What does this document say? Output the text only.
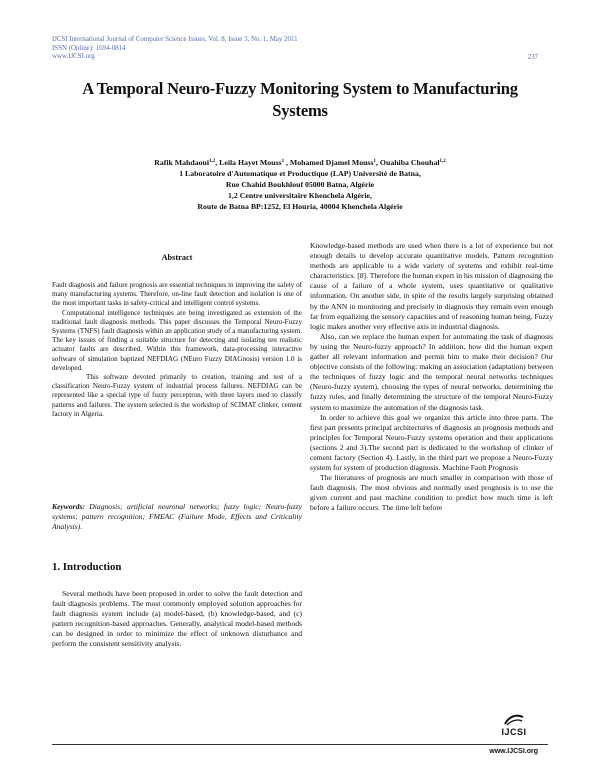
IJCSI International Journal of Computer Science Issues, Vol. 8, Issue 3, No. 1, May 2011
ISSN (Online): 1694-0814
www.IJCSI.org	237
A Temporal Neuro-Fuzzy Monitoring System to Manufacturing
Systems
Rafik Mahdaoui$^{1,2}$, Leila Hayet Mouss$^1$ , Mohamed Djamel Mouss$^1$, Ouahiba Chouhal$^{1,2}$
1 Laboratoire d'Automatique et Productique (LAP) Université de Batna,
Rue Chahid Boukhlouf 05000 Batna, Algérie
1,2 Centre universitaire Khenchela Algérie,
Route de Batna BP:1252, El Houria, 40004 Khenchela Algérie
Abstract

Fault diagnosis and failure prognosis are essential techniques in improving the safety of many manufacturing systems. Therefore, on-line fault detection and isolation is one of the most important tasks in safety-critical and intelligent control systems.

Computational intelligence techniques are being investigated as extension of the traditional fault diagnosis methods. This paper discusses the Temporal Neuro-Fuzzy Systems (TNFS) fault diagnosis within an application study of a manufacturing system. The key issues of finding a suitable structure for detecting and isolating ten realistic actuator faults are described. Within this framework, data-processing interactive software of simulation baptized NEFDIAG (NEuro Fuzzy DIAGnosis) version 1.0 is developed.

This software devoted primarily to creation, training and test of a classification Neuro-Fuzzy system of industrial process failures. NEFDIAG can be represented like a special type of fuzzy perceptron, with three layers used to classify patterns and failures. The system selected is the workshop of SCIMAT clinker, cement factory in Algeria.

Keywords: Diagnosis; artificial neuronal networks; fuzzy logic; Neuro-fuzzy systems; pattern recognition; FMEAC (Failure Mode, Effects and Criticality Analysis).
1. Introduction

Several methods have been proposed in order to solve the fault detection and fault diagnosis problems. The most commonly employed solution approaches for fault diagnosis system include (a) model-based, (b) knowledge-based, and (c) pattern recognition-based approaches. Generally, analytical model-based methods can be designed in order to minimize the effect of unknown disturbance and perform the consistent sensitivity analysis.

Knowledge-based methods are used when there is a lot of experience but not enough details to develop accurate quantitative models. Pattern recognition methods are applicable to a wide variety of systems and exhibit real-time characteristics. [8]. Therefore the human expert in his mission of diagnosing the cause of a failure of a whole system, uses quantitative or qualitative information. On another side, in spite of the results largely surprising obtained by the ANN in monitoring and precisely in diagnosis they remain even enough far from equalizing the sensory capacities and of reasoning human being. Fuzzy logic makes another very effective axis in industrial diagnosis.

Also, can we replace the human expert for automating the task of diagnosis by using the Neuro-fuzzy approach? In addition, how did the human expert gather all relevant information and permit him to make their decision? Our objective consists of the following: making an association (adaptation) between the techniques of fuzzy logic and the temporal neural networks techniques (Neuro-fuzzy system), choosing the types of neural networks, determining the fuzzy rules, and finally determining the structure of the temporal Neuro-Fuzzy system to maximize the automation of the diagnosis task.

In order to achieve this goal we organize this article into three parts. The first part presents principal architectures of diagnosis an prognosis methods and principles for Temporal Neuro-Fuzzy systems operation and their applications (sections 2 and 3).The second part is dedicated to the workshop of clinker of cement factory (Section 4). Lastly, in the third part we propose a Neuro-Fuzzy system for system of production diagnosis. Machine Fault Prognosis

The literatures of prognosis are much smaller in comparison with those of fault diagnosis. The most obvious and normally used prognosis is to use the given current and past machine condition to predict how much time is left before a failure occurs. The time left before

IJCSI
www.IJCSI.org
